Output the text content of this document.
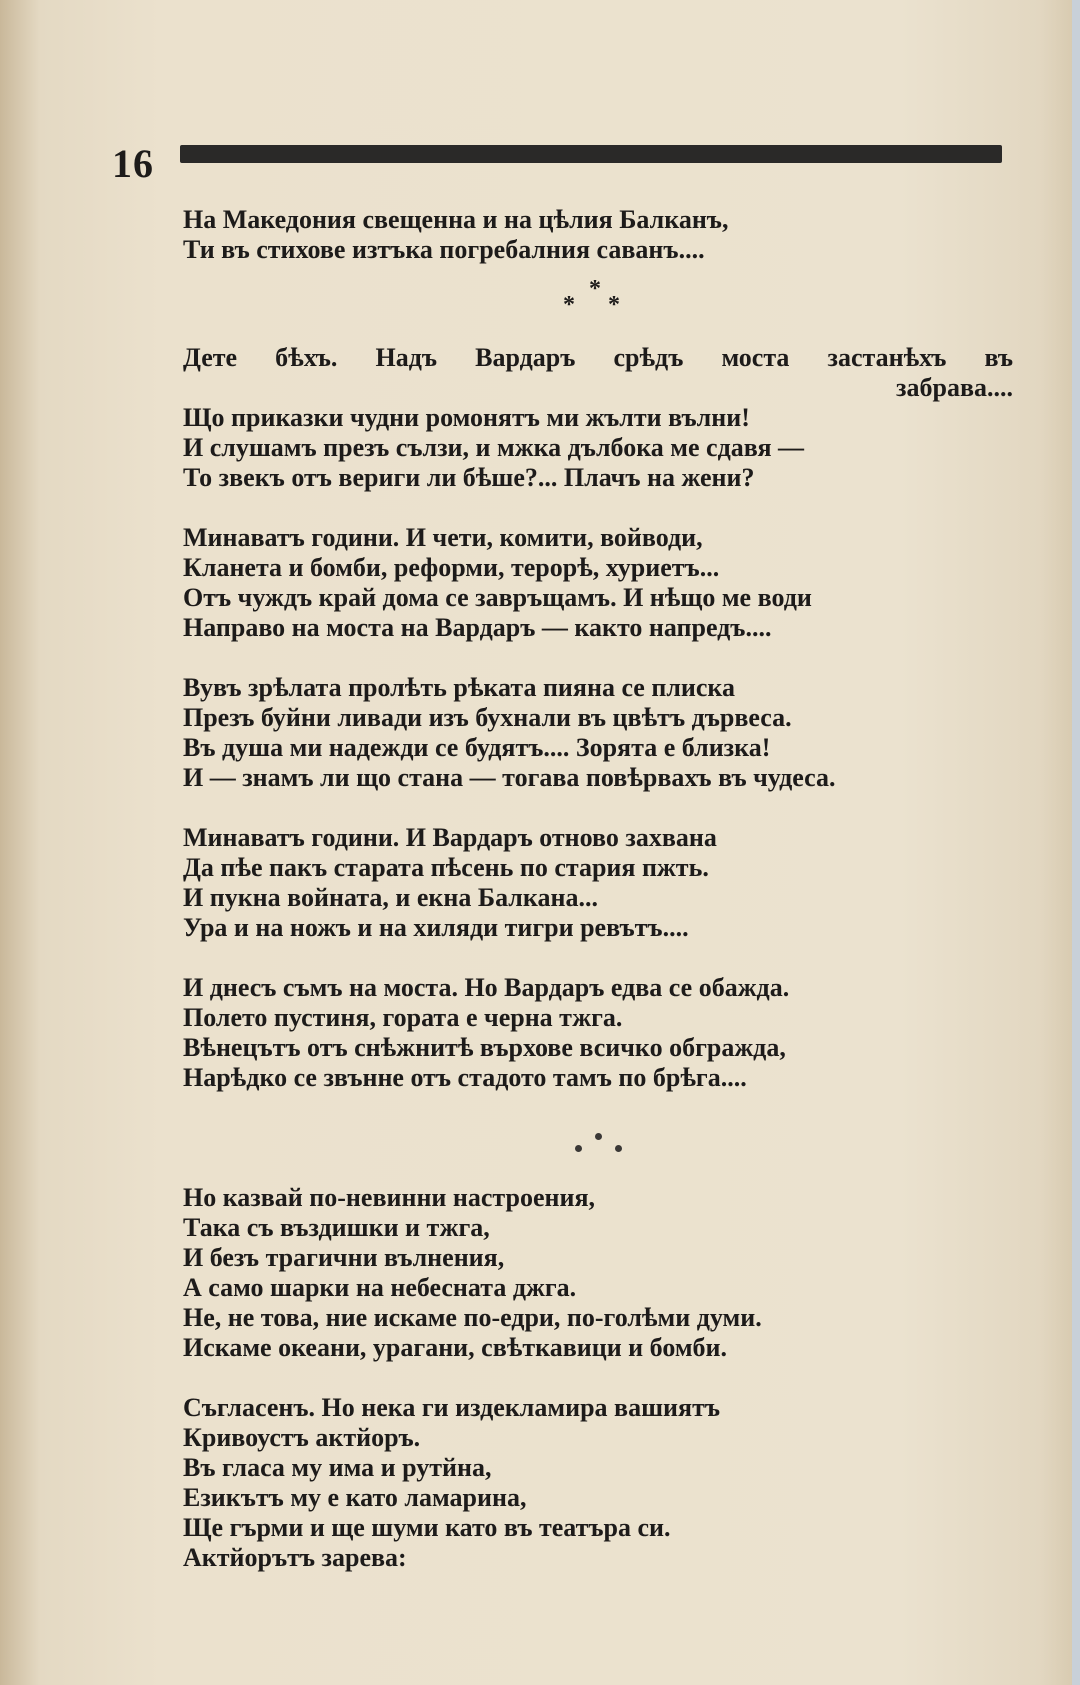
16
На Македония свещенна и на цѣлия Балканъ,
Ти въ стихове изтъка погребалния саванъ....
*
* *
Дете бѣхъ. Надъ Вардаръ срѣдъ моста застанѣхъ въ
забрава....
Що приказки чудни ромонятъ ми жълти вълни!
И слушамъ презъ сълзи, и мжка дълбока ме сдавя —
То звекъ отъ вериги ли бѣше?... Плачъ на жени?
Минаватъ години. И чети, комити, войводи,
Кланета и бомби, реформи, терорѣ, хуриетъ...
Отъ чуждъ край дома се завръщамъ. И нѣщо ме води
Направо на моста на Вардаръ — както напредъ....
Вувъ зрѣлата пролѣть рѣката пияна се плиска
Презъ буйни ливади изъ бухнали въ цвѣтъ дървеса.
Въ душа ми надежди се будятъ.... Зорята е близка!
И — знамъ ли що стана — тогава повѣрвахъ въ чудеса.
Минаватъ години. И Вардаръ отново захвана
Да пѣе пакъ старата пѣсень по стария пжть.
И пукна войната, и екна Балкана...
Ура и на ножъ и на хиляди тигри ревътъ....
И днесъ съмъ на моста. Но Вардаръ едва се обажда.
Полето пустиня, гората е черна тжга.
Вѣнецътъ отъ снѣжнитѣ върхове всичко обгражда,
Нарѣдко се звънне отъ стадото тамъ по брѣга....
Но казвай по-невинни настроения,
Така съ въздишки и тжга,
И безъ трагични вълнения,
А само шарки на небесната джга.
Не, не това, ние искаме по-едри, по-голѣми думи.
Искаме океани, урагани, свѣткавици и бомби.
Съгласенъ. Но нека ги издекламира вашиятъ
Кривоустъ актйоръ.
Въ гласа му има и рутйна,
Езикътъ му е като ламарина,
Ще гърми и ще шуми като въ театъра си.
Актйорътъ зарева:
